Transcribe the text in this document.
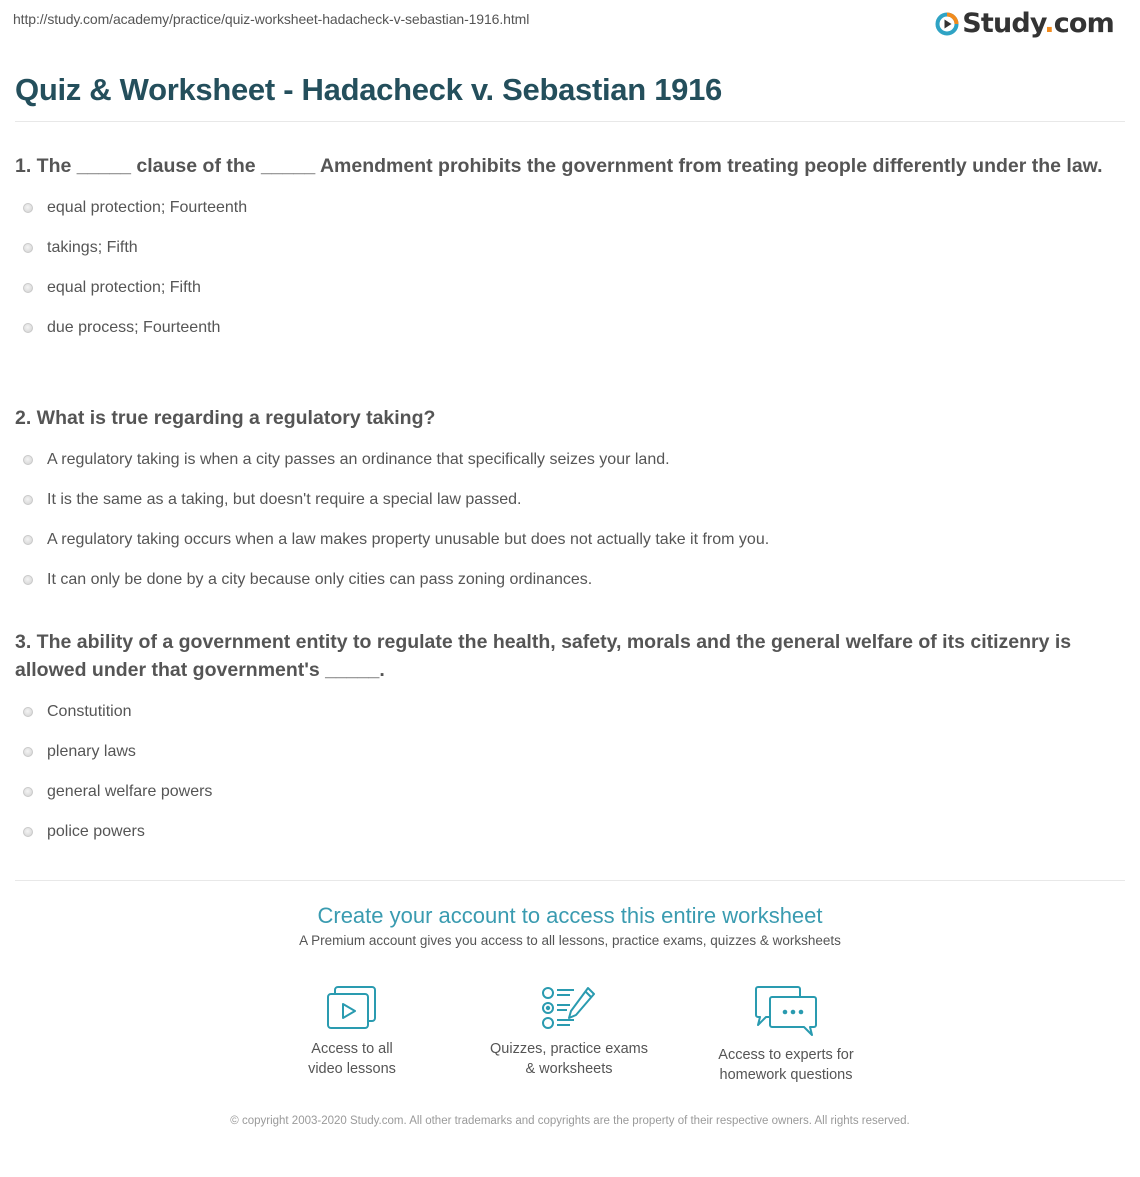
http://study.com/academy/practice/quiz-worksheet-hadacheck-v-sebastian-1916.html	Study.com
Quiz & Worksheet - Hadacheck v. Sebastian 1916

1. The _____ clause of the _____ Amendment prohibits the government from treating people differently under the law.

equal protection; Fourteenth
takings; Fifth
equal protection; Fifth
due process; Fourteenth

2. What is true regarding a regulatory taking?

A regulatory taking is when a city passes an ordinance that specifically seizes your land.
It is the same as a taking, but doesn't require a special law passed.
A regulatory taking occurs when a law makes property unusable but does not actually take it from you.
It can only be done by a city because only cities can pass zoning ordinances.

3. The ability of a government entity to regulate the health, safety, morals and the general welfare of its citizenry is allowed under that government's _____.

Constutition
plenary laws
general welfare powers
police powers
Create your account to access this entire worksheet
A Premium account gives you access to all lessons, practice exams, quizzes & worksheets
Access to all
video lessons
Quizzes, practice exams
& worksheets
Access to experts for
homework questions
© copyright 2003-2020 Study.com. All other trademarks and copyrights are the property of their respective owners. All rights reserved.
